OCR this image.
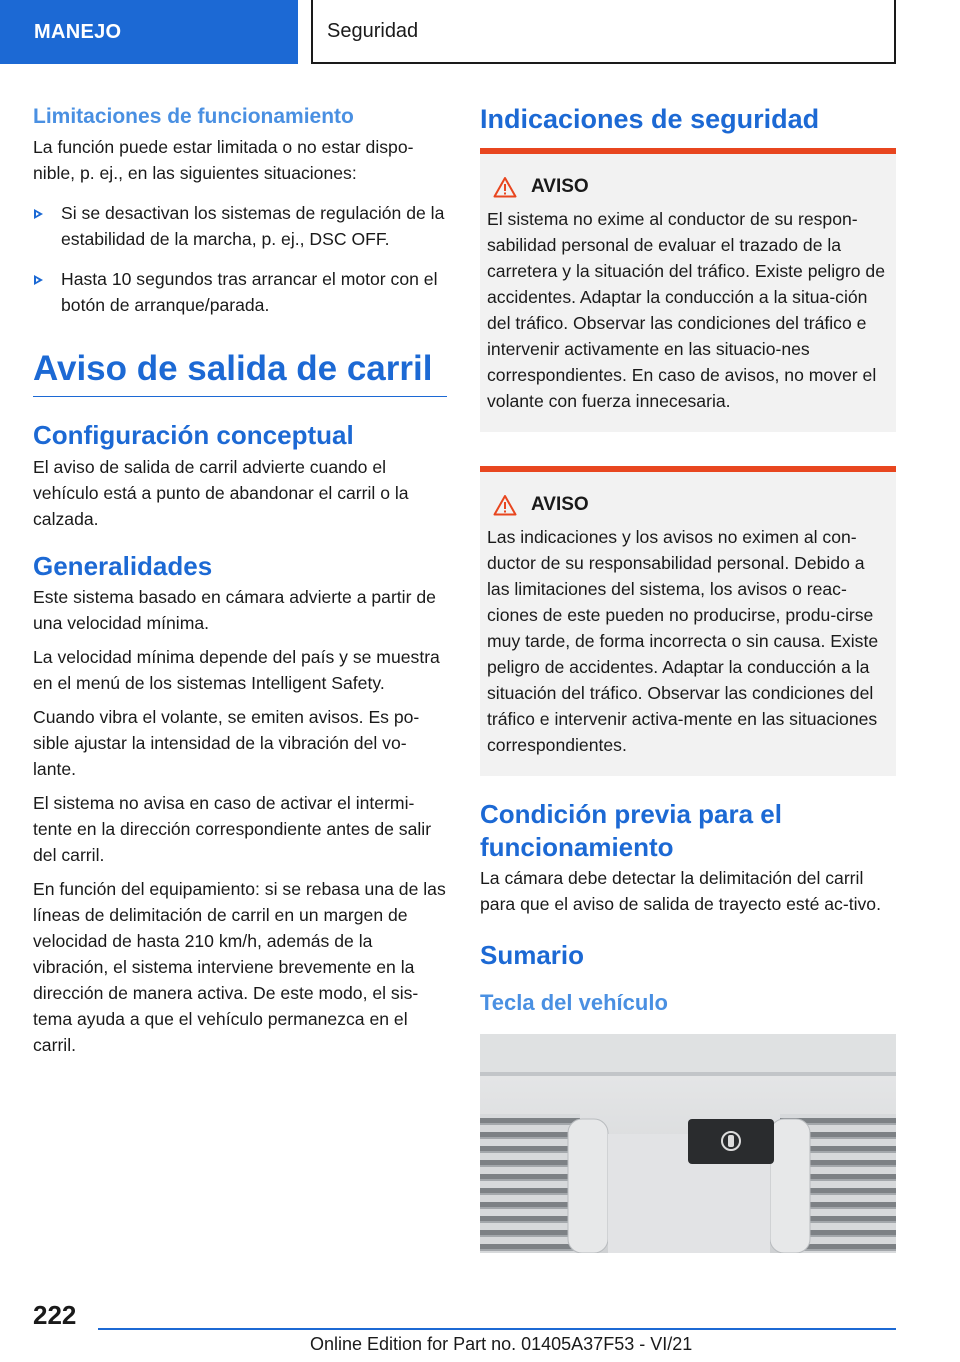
MANEJO	Seguridad
Limitaciones de funcionamiento

La función puede estar limitada o no estar dispo-nible, p. ej., en las siguientes situaciones:

Si se desactivan los sistemas de regulación de la estabilidad de la marcha, p. ej., DSC OFF.
Hasta 10 segundos tras arrancar el motor con el botón de arranque/parada.
Aviso de salida de carril
Configuración conceptual

El aviso de salida de carril advierte cuando el vehículo está a punto de abandonar el carril o la calzada.

Generalidades

Este sistema basado en cámara advierte a partir de una velocidad mínima.

La velocidad mínima depende del país y se muestra en el menú de los sistemas Intelligent Safety.

Cuando vibra el volante, se emiten avisos. Es po-sible ajustar la intensidad de la vibración del vo-lante.

El sistema no avisa en caso de activar el intermi-tente en la dirección correspondiente antes de salir del carril.

En función del equipamiento: si se rebasa una de las líneas de delimitación de carril en un margen de velocidad de hasta 210 km/h, además de la vibración, el sistema interviene brevemente en la dirección de manera activa. De este modo, el sis-tema ayuda a que el vehículo permanezca en el carril.

Indicaciones de seguridad
AVISO

El sistema no exime al conductor de su respon-sabilidad personal de evaluar el trazado de la carretera y la situación del tráfico. Existe peligro de accidentes. Adaptar la conducción a la situa-ción del tráfico. Observar las condiciones del tráfico e intervenir activamente en las situacio-nes correspondientes. En caso de avisos, no mover el volante con fuerza innecesaria.

AVISO

Las indicaciones y los avisos no eximen al con-ductor de su responsabilidad personal. Debido a las limitaciones del sistema, los avisos o reac-ciones de este pueden no producirse, produ-cirse muy tarde, de forma incorrecta o sin causa. Existe peligro de accidentes. Adaptar la conducción a la situación del tráfico. Observar las condiciones del tráfico e intervenir activa-mente en las situaciones correspondientes.

Condición previa para el funcionamiento

La cámara debe detectar la delimitación del carril para que el aviso de salida de trayecto esté ac-tivo.

Sumario
Tecla del vehículo
222
Online Edition for Part no. 01405A37F53 - VI/21
